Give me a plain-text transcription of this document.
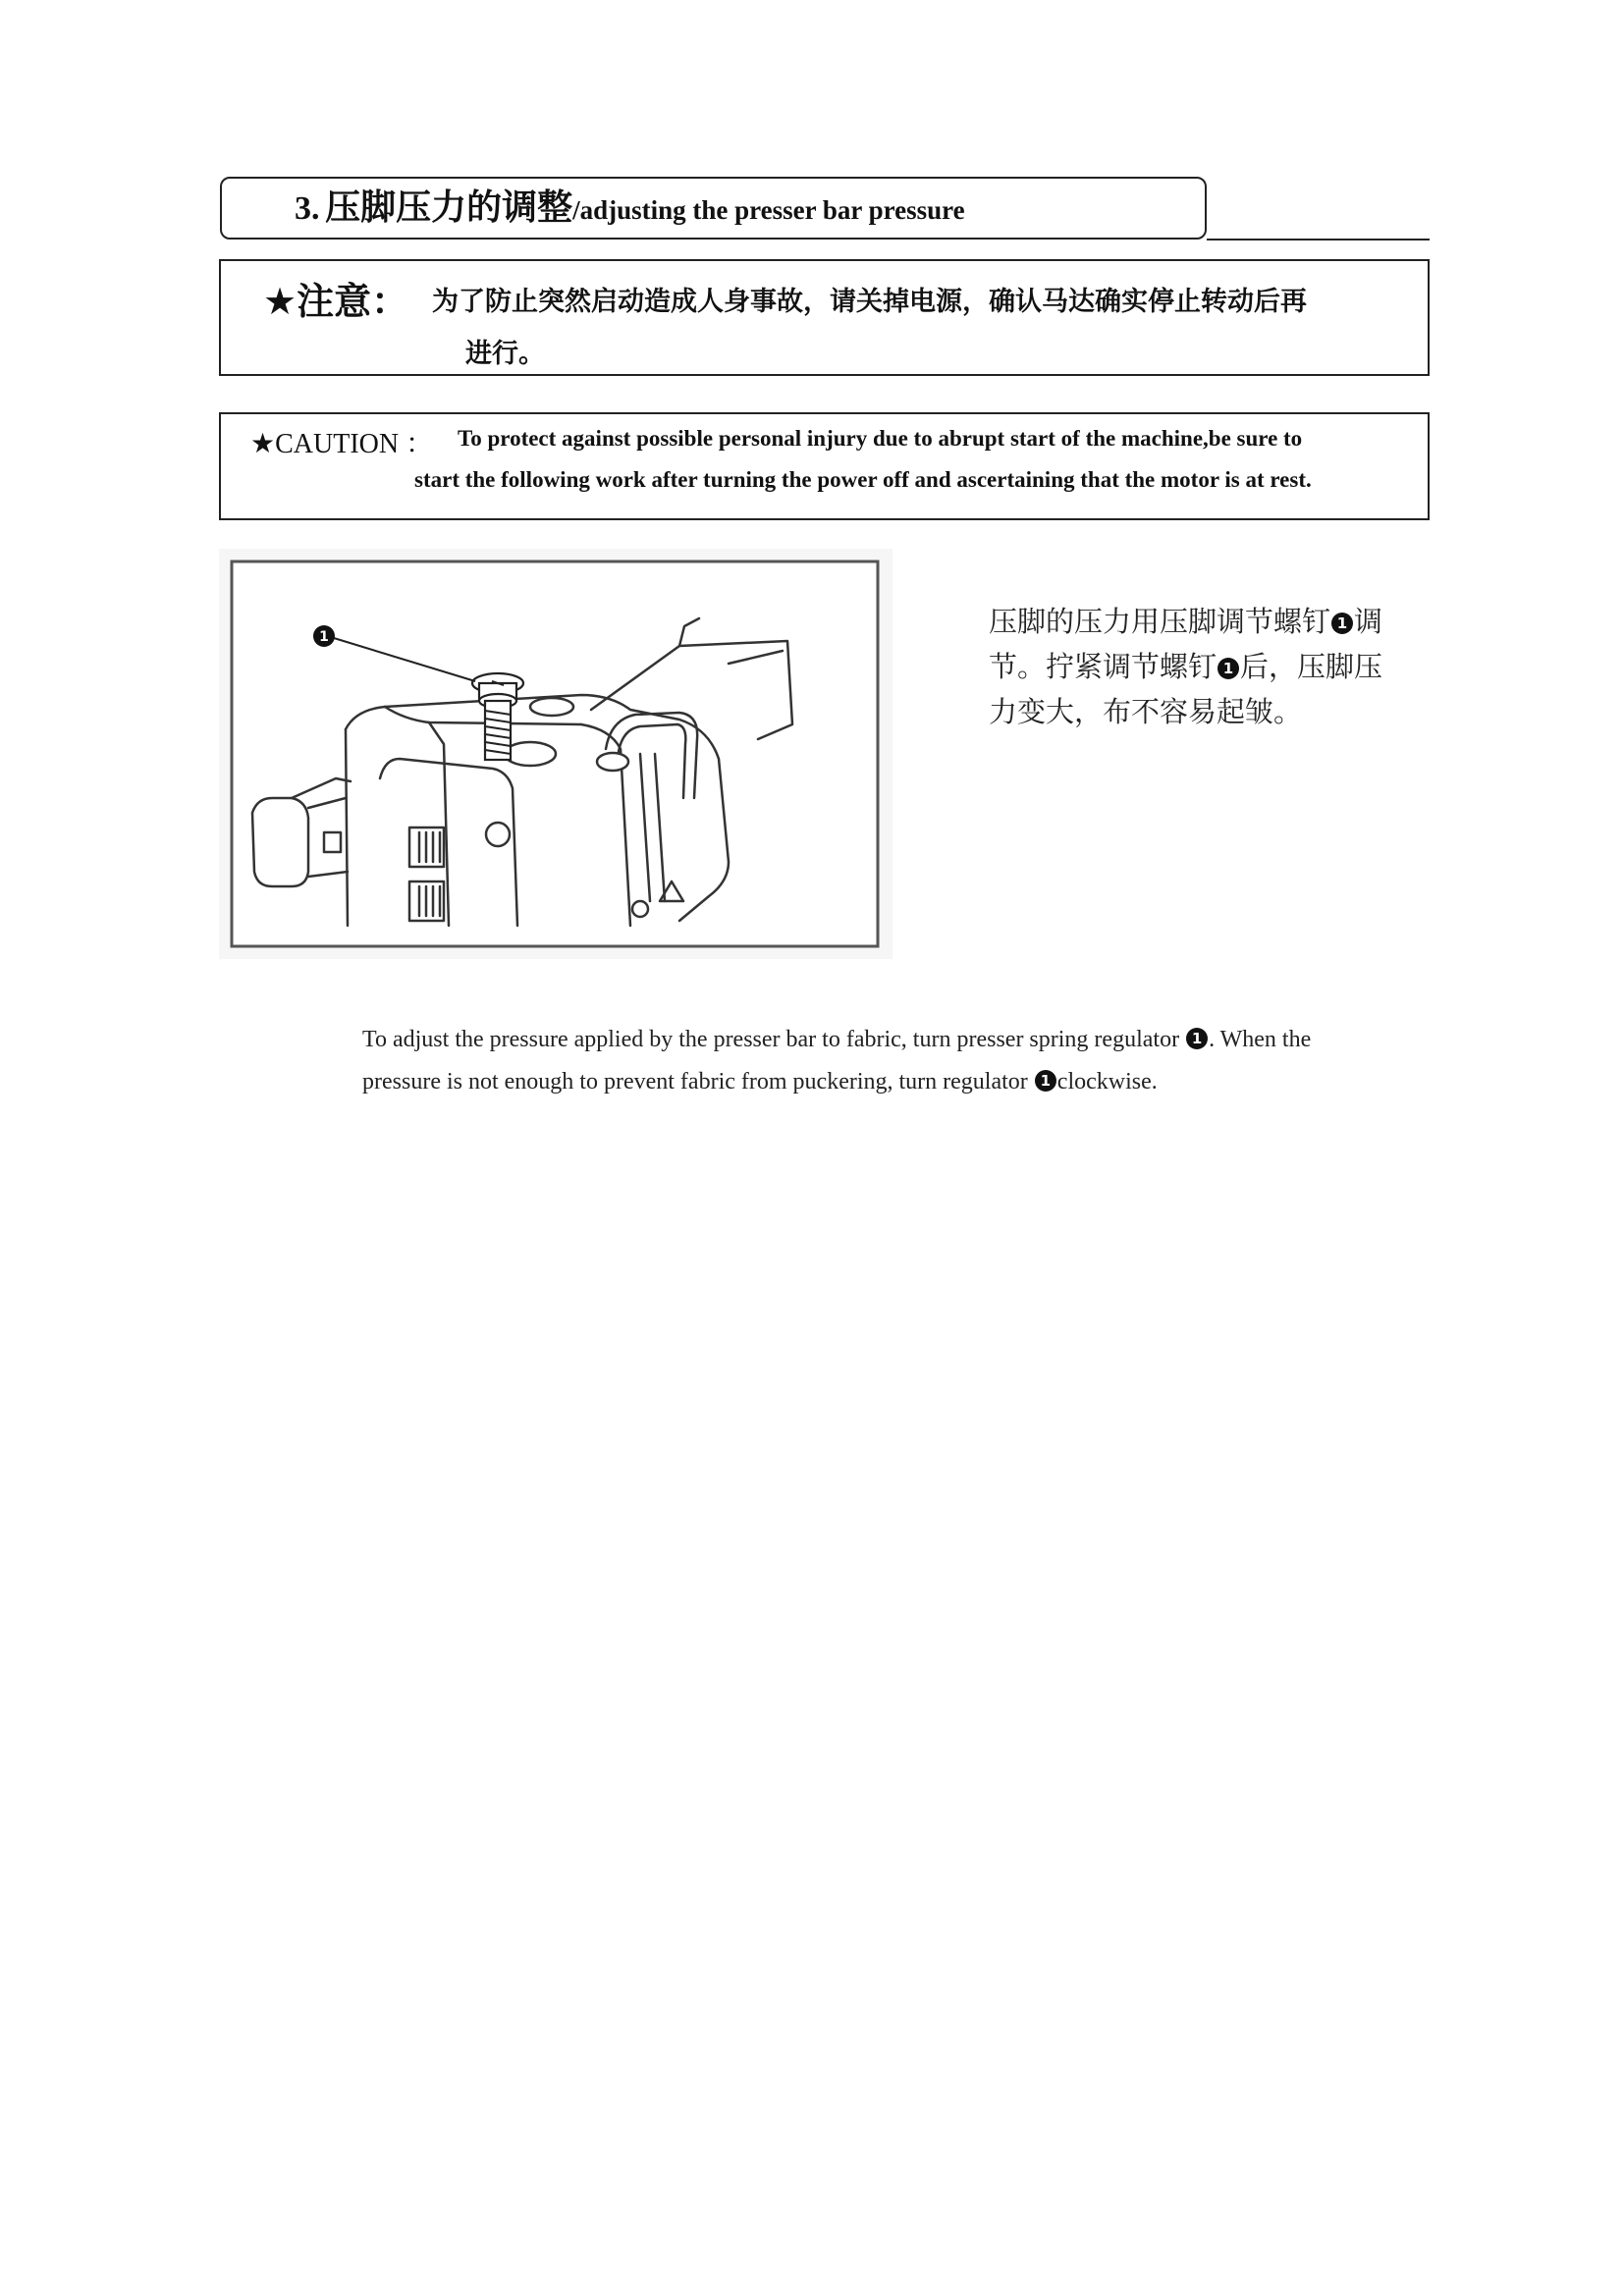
3. 压脚压力的调整/adjusting the presser bar pressure
★注意： 为了防止突然启动造成人身事故，请关掉电源，确认马达确实停止转动后再
进行。
★CAUTION ： To protect against possible personal injury due to abrupt start of the machine,be sure to
start the following work after turning the power off and ascertaining that the motor is at rest.
1	压脚的压力用压脚调节螺钉 1 调节。拧紧调节螺钉 1 后，压脚压力变大，布不容易起皱。
To adjust the pressure applied by the presser bar to fabric, turn presser spring regulator 1 . When the
pressure is not enough to prevent fabric from puckering, turn regulator 1 clockwise.
